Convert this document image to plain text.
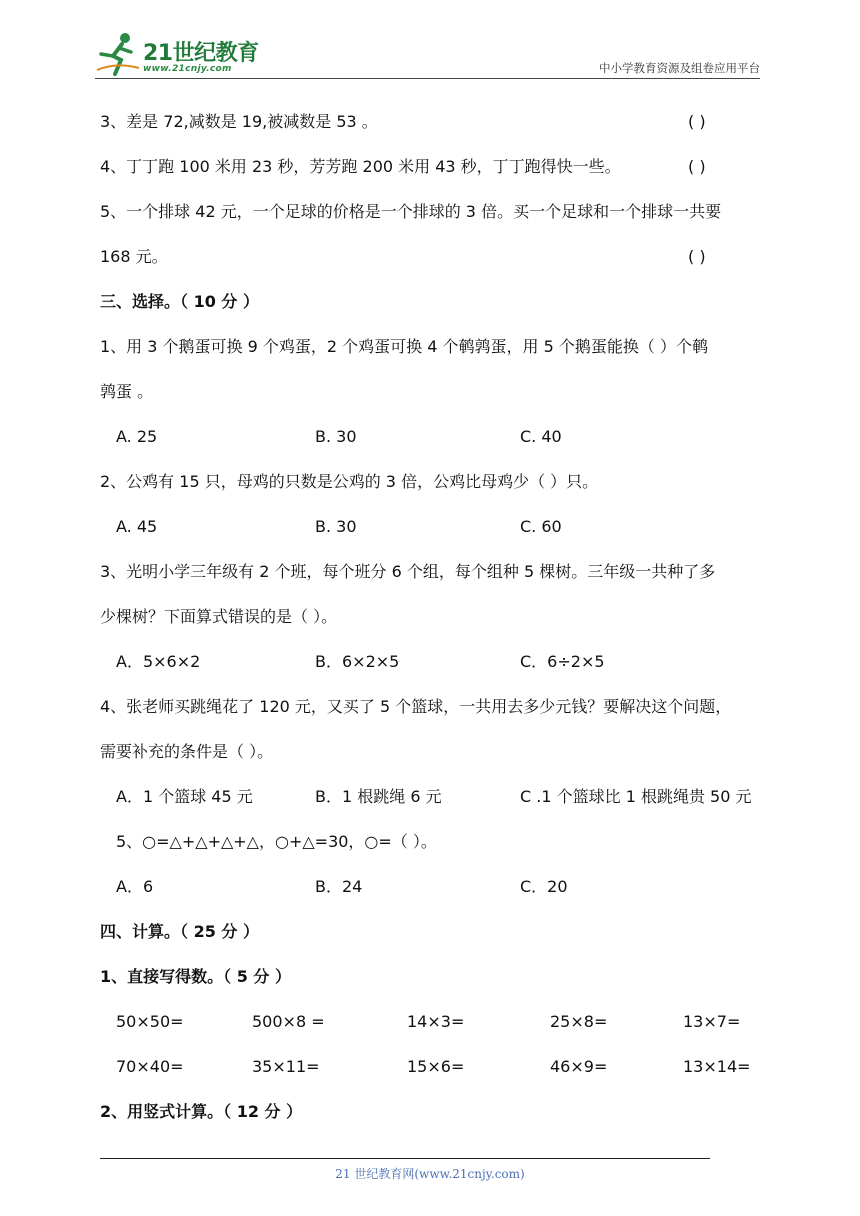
21世纪教育
www.21cnjy.com	中小学教育资源及组卷应用平台
3、差是 72,减数是 19,被减数是 53 。	( )
4、丁丁跑 100 米用 23 秒，芳芳跑 200 米用 43 秒，丁丁跑得快一些。	( )
5、一个排球 42 元，一个足球的价格是一个排球的 3 倍。买一个足球和一个排球一共要
168 元。	( )
三、选择。（ 10 分 ）
1、用 3 个鹅蛋可换 9 个鸡蛋，2 个鸡蛋可换 4 个鹌鹑蛋，用 5 个鹅蛋能换（ ）个鹌
鹑蛋 。
A. 25	B. 30	C. 40
2、公鸡有 15 只，母鸡的只数是公鸡的 3 倍，公鸡比母鸡少（ ）只。
A. 45	B. 30	C. 60
3、光明小学三年级有 2 个班，每个班分 6 个组，每个组种 5 棵树。三年级一共种了多
少棵树？下面算式错误的是（ ）。
A．5×6×2	B．6×2×5	C．6÷2×5
4、张老师买跳绳花了 120 元，又买了 5 个篮球，一共用去多少元钱？要解决这个问题，
需要补充的条件是（ ）。
A．1 个篮球 45 元	B．1 根跳绳 6 元	C .1 个篮球比 1 根跳绳贵 50 元
5、○=△+△+△+△，○+△=30，○=（ ）。
A．6	B．24	C．20
四、计算。（ 25 分 ）
1、直接写得数。（ 5 分 ）
50×50=	500×8 =	14×3=	25×8=	13×7=
70×40=	35×11=	15×6=	46×9=	13×14=
2、用竖式计算。（ 12 分 ）
21 世纪教育网(www.21cnjy.com)
